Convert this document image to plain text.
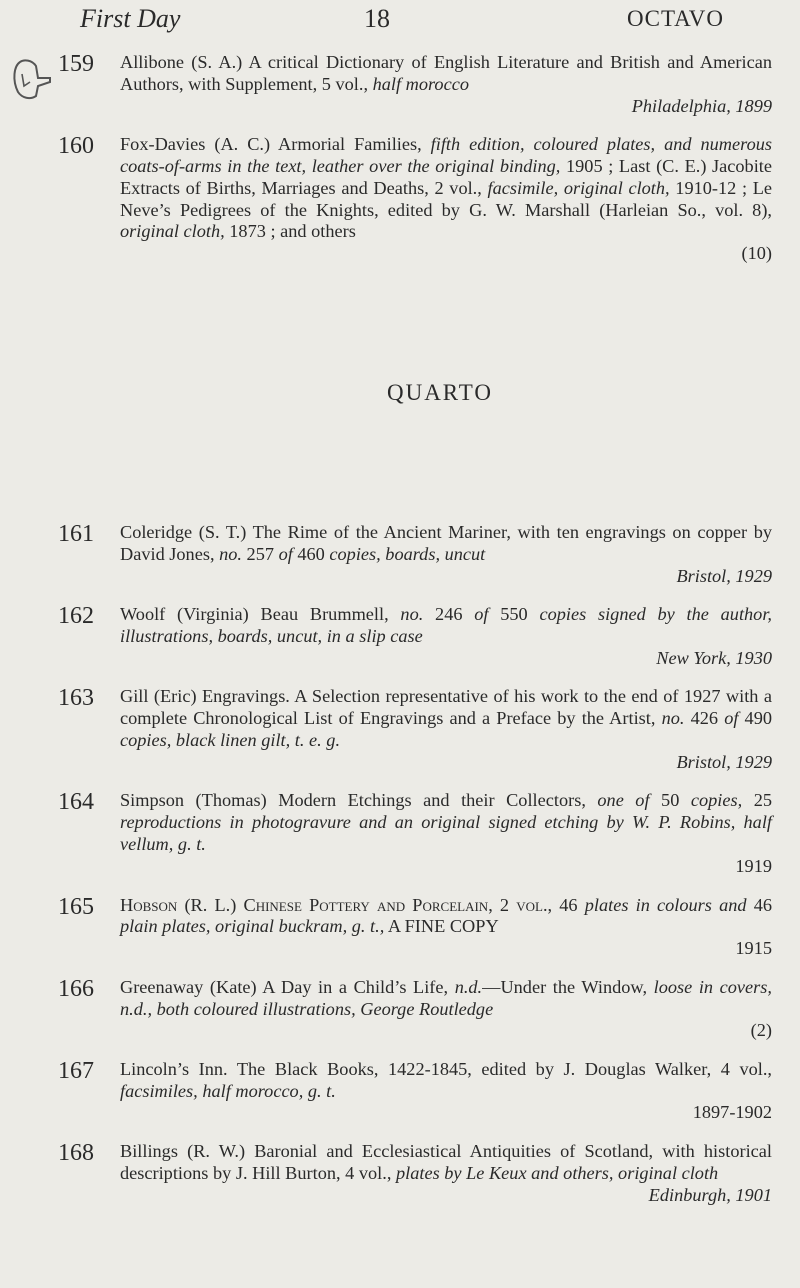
First Day	18	OCTAVO
QUARTO
159	Allibone (S. A.) A critical Dictionary of English Literature and British and American Authors, with Supplement, 5 vol., half morocco
Philadelphia, 1899
160	Fox-Davies (A. C.) Armorial Families, fifth edition, coloured plates, and numerous coats-of-arms in the text, leather over the original binding, 1905 ; Last (C. E.) Jacobite Extracts of Births, Marriages and Deaths, 2 vol., facsimile, original cloth, 1910-12 ; Le Neve’s Pedigrees of the Knights, edited by G. W. Marshall (Harleian So., vol. 8), original cloth, 1873 ; and others
(10)
161	Coleridge (S. T.) The Rime of the Ancient Mariner, with ten engravings on copper by David Jones, no. 257 of 460 copies, boards, uncut
Bristol, 1929
162	Woolf (Virginia) Beau Brummell, no. 246 of 550 copies signed by the author, illustrations, boards, uncut, in a slip case
New York, 1930
163	Gill (Eric) Engravings. A Selection representative of his work to the end of 1927 with a complete Chronological List of Engravings and a Preface by the Artist, no. 426 of 490 copies, black linen gilt, t. e. g.
Bristol, 1929
164	Simpson (Thomas) Modern Etchings and their Collectors, one of 50 copies, 25 reproductions in photogravure and an original signed etching by W. P. Robins, half vellum, g. t.
1919
165	Hobson (R. L.) Chinese Pottery and Porcelain, 2 vol., 46 plates in colours and 46 plain plates, original buckram, g. t., A FINE COPY
1915
166	Greenaway (Kate) A Day in a Child’s Life, n.d.—Under the Window, loose in covers, n.d., both coloured illustrations, George Routledge
(2)
167	Lincoln’s Inn. The Black Books, 1422-1845, edited by J. Douglas Walker, 4 vol., facsimiles, half morocco, g. t.
1897-1902
168	Billings (R. W.) Baronial and Ecclesiastical Antiquities of Scotland, with historical descriptions by J. Hill Burton, 4 vol., plates by Le Keux and others, original cloth
Edinburgh, 1901
